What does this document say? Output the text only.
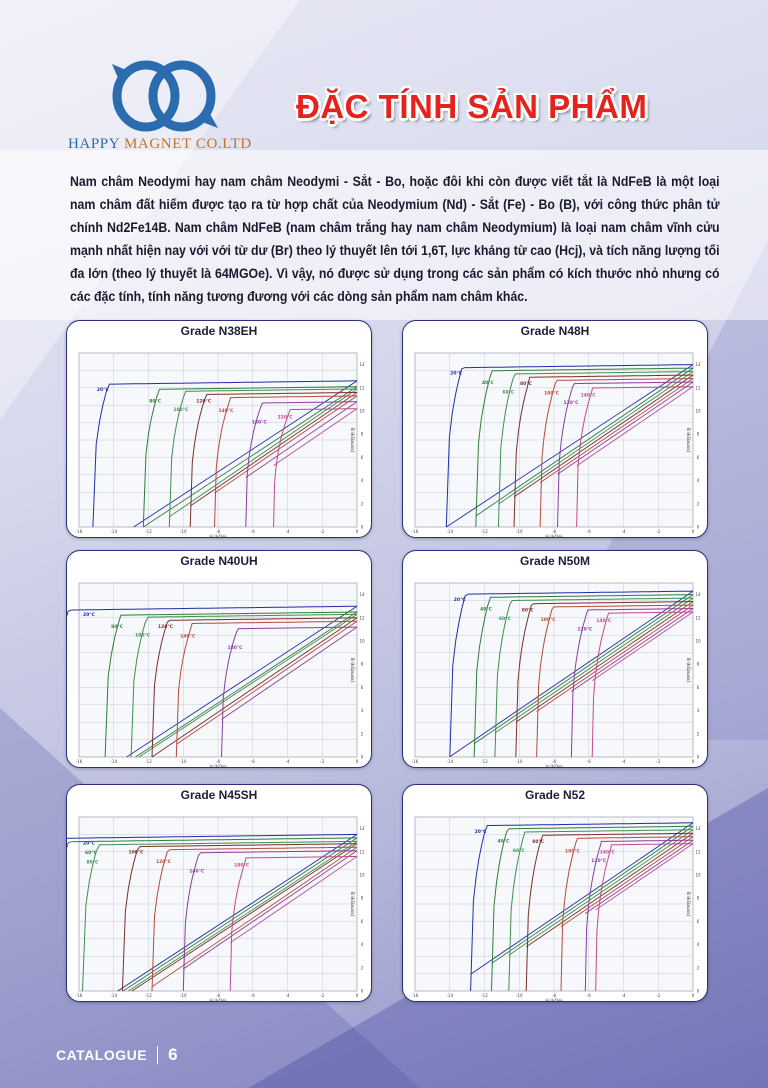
HAPPY MAGNET CO.LTD
ĐẶC TÍNH SẢN PHẨM

Nam châm Neodymi hay nam châm Neodymi - Sắt - Bo, hoặc đôi khi còn được viết tắt là NdFeB là một loại nam châm đất hiếm được tạo ra từ hợp chất của Neodymium (Nd) - Sắt (Fe) - Bo (B), với công thức phân tử chính Nd2Fe14B. Nam châm NdFeB (nam châm trắng hay nam châm Neodymium) là loại nam châm vĩnh cửu mạnh nhất hiện nay với với từ dư (Br) theo lý thuyết lên tới 1,6T, lực kháng từ cao (Hcj), và tích năng lượng tối đa lớn (theo lý thuyết là 64MGOe). Vì vậy, nó được sử dụng trong các sản phẩm có kích thước nhỏ nhưng có các đặc tính, tính năng tương đương với các dòng sản phẩm nam châm khác.

Grade N38EH
-16	-14	-12	-10	-8	-6	-4	-2	0
0
2
4
6
8
10
12
14
H (kOe)
B (kGauss)
20°C
80°C
100°C
120°C
140°C
180°C
220°C
Grade N48H
-16	-14	-12	-10	-8	-6	-4	-2	0
0
2
4
6
8
10
12
14
H (kOe)
B (kGauss)
20°C
40°C
60°C
80°C
100°C
120°C
140°C
Grade N40UH
-16	-14	-12	-10	-8	-6	-4	-2	0
0
2
4
6
8
10
12
14
H (kOe)
B (kGauss)
20°C
80°C
100°C
120°C
140°C
180°C
Grade N50M
-16	-14	-12	-10	-8	-6	-4	-2	0
0
2
4
6
8
10
12
14
H (kOe)
B (kGauss)
20°C
40°C
60°C
80°C
100°C
120°C
140°C
Grade N45SH
-16	-14	-12	-10	-8	-6	-4	-2	0
0
2
4
6
8
10
12
14
H (kOe)
B (kGauss)
20°C
60°C
80°C
100°C
120°C
140°C
180°C
Grade N52
-16	-14	-12	-10	-8	-6	-4	-2	0
0
2
4
6
8
10
12
14
H (kOe)
B (kGauss)
20°C
40°C
60°C
80°C
100°C
120°C
140°C
CATALOGUE 6
